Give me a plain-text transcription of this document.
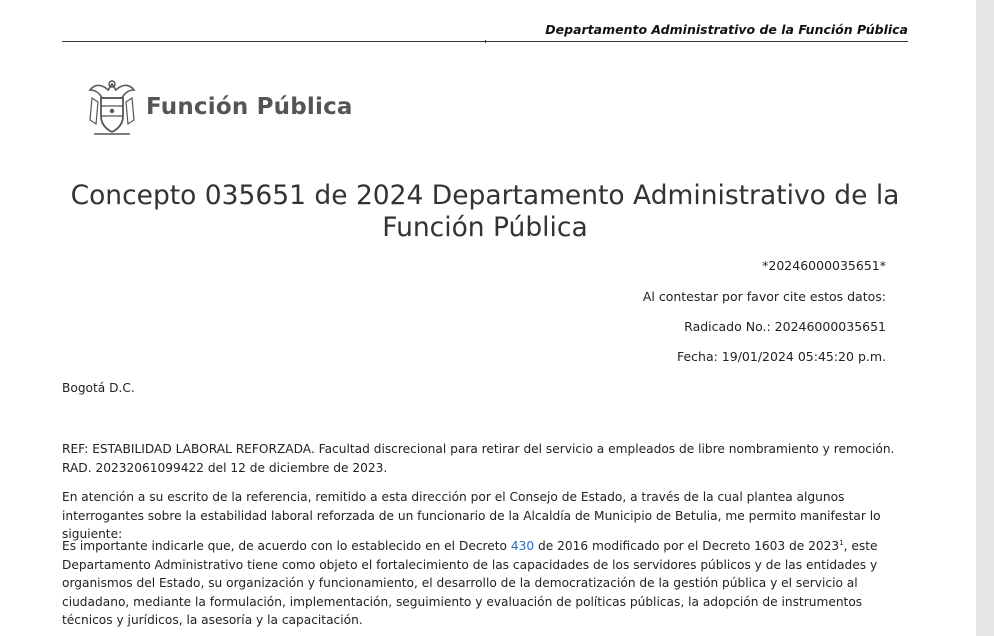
Departamento Administrativo de la Función Pública
Función Pública
Concepto 035651 de 2024 Departamento Administrativo de la Función Pública
*20246000035651*
Al contestar por favor cite estos datos:
Radicado No.: 20246000035651
Fecha: 19/01/2024 05:45:20 p.m.
Bogotá D.C.
REF: ESTABILIDAD LABORAL REFORZADA. Facultad discrecional para retirar del servicio a empleados de libre nombramiento y remoción. RAD. 20232061099422 del 12 de diciembre de 2023.
En atención a su escrito de la referencia, remitido a esta dirección por el Consejo de Estado, a través de la cual plantea algunos interrogantes sobre la estabilidad laboral reforzada de un funcionario de la Alcaldía de Municipio de Betulia, me permito manifestar lo siguiente:
Es importante indicarle que, de acuerdo con lo establecido en el Decreto 430 de 2016 modificado por el Decreto 1603 de 2023$^1$, este Departamento Administrativo tiene como objeto el fortalecimiento de las capacidades de los servidores públicos y de las entidades y organismos del Estado, su organización y funcionamiento, el desarrollo de la democratización de la gestión pública y el servicio al ciudadano, mediante la formulación, implementación, seguimiento y evaluación de políticas públicas, la adopción de instrumentos técnicos y jurídicos, la asesoría y la capacitación.
